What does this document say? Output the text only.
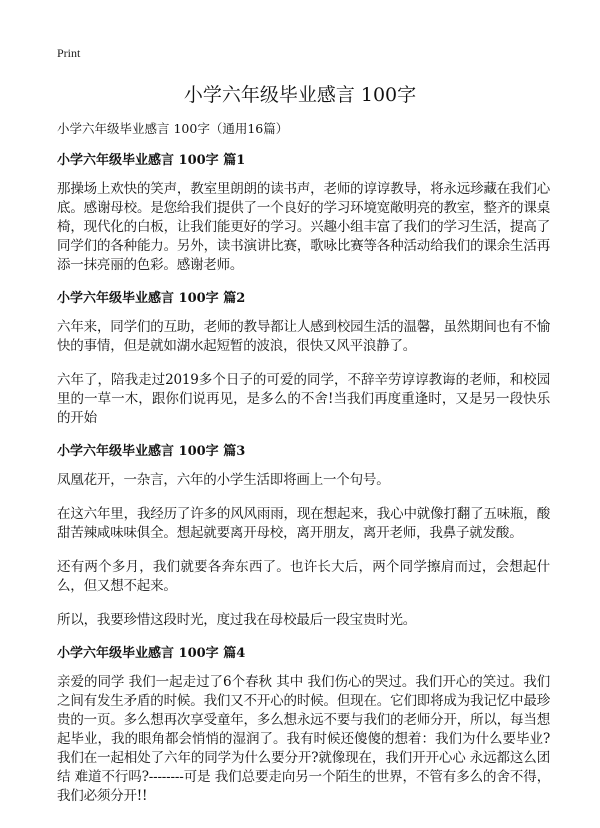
Print
小学六年级毕业感言 100字

小学六年级毕业感言 100字（通用16篇）

小学六年级毕业感言 100字 篇1

那操场上欢快的笑声，教室里朗朗的读书声，老师的谆谆教导，将永远珍藏在我们心底。感谢母校。是您给我们提供了一个良好的学习环境宽敞明亮的教室，整齐的课桌椅，现代化的白板，让我们能更好的学习。兴趣小组丰富了我们的学习生活，提高了同学们的各种能力。另外，读书演讲比赛，歌咏比赛等各种活动给我们的课余生活再添一抹亮丽的色彩。感谢老师。

小学六年级毕业感言 100字 篇2

六年来，同学们的互助，老师的教导都让人感到校园生活的温馨，虽然期间也有不愉快的事情，但是就如湖水起短暂的波浪，很快又风平浪静了。

六年了，陪我走过2019多个日子的可爱的同学，不辞辛劳谆谆教诲的老师，和校园里的一草一木，跟你们说再见，是多么的不舍!当我们再度重逢时，又是另一段快乐的开始

小学六年级毕业感言 100字 篇3

凤凰花开，一杂言，六年的小学生活即将画上一个句号。

在这六年里，我经历了许多的风风雨雨，现在想起来，我心中就像打翻了五味瓶，酸甜苦辣咸味味俱全。想起就要离开母校，离开朋友，离开老师，我鼻子就发酸。

还有两个多月，我们就要各奔东西了。也许长大后，两个同学擦肩而过，会想起什么，但又想不起来。

所以，我要珍惜这段时光，度过我在母校最后一段宝贵时光。

小学六年级毕业感言 100字 篇4

亲爱的同学 我们一起走过了6个春秋 其中 我们伤心的哭过。我们开心的笑过。我们之间有发生矛盾的时候。我们又不开心的时候。但现在。它们即将成为我记忆中最珍贵的一页。多么想再次享受童年，多么想永远不要与我们的老师分开，所以，每当想起毕业，我的眼角都会悄悄的湿润了。我有时候还傻傻的想着：我们为什么要毕业?我们在一起相处了六年的同学为什么要分开?就像现在，我们开开心心 永远都这么团结 难道不行吗?--------可是 我们总要走向另一个陌生的世界，不管有多么的舍不得，我们必须分开!!
